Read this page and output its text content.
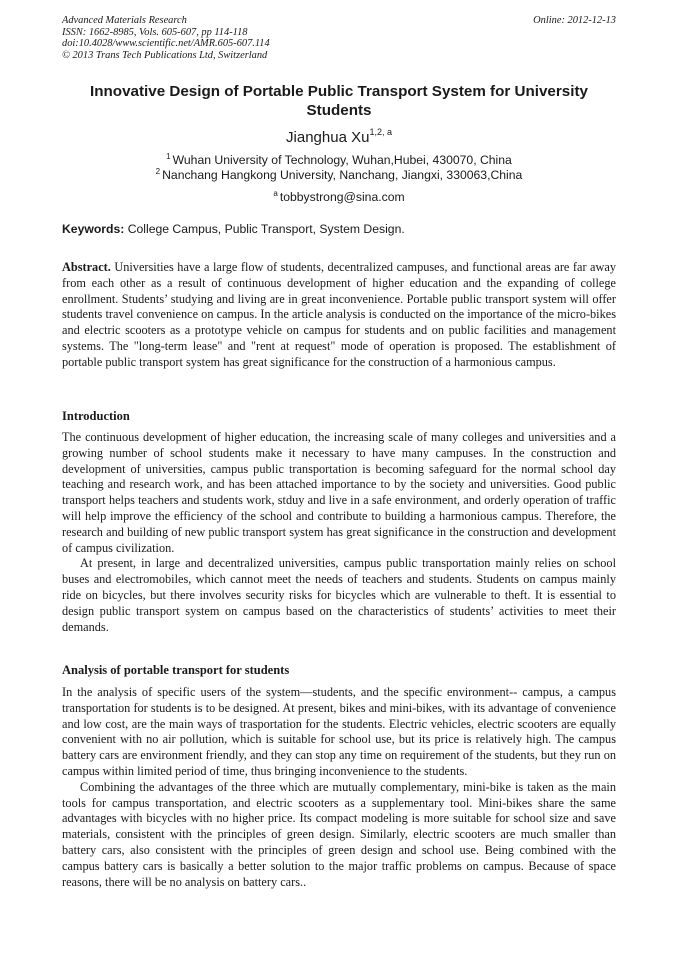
Advanced Materials Research
ISSN: 1662-8985, Vols. 605-607, pp 114-118
doi:10.4028/www.scientific.net/AMR.605-607.114
© 2013 Trans Tech Publications Ltd, Switzerland
Online: 2012-12-13
Innovative Design of Portable Public Transport System for University Students
Jianghua Xu$^{1,2, a}$
$^1$ Wuhan University of Technology, Wuhan,Hubei, 430070, China
$^2$ Nanchang Hangkong University, Nanchang, Jiangxi, 330063,China
$^a$ tobbystrong@sina.com
Keywords: College Campus, Public Transport, System Design.

Abstract. Universities have a large flow of students, decentralized campuses, and functional areas are far away from each other as a result of continuous development of higher education and the expanding of college enrollment. Students’ studying and living are in great inconvenience. Portable public transport system will offer students travel convenience on campus. In the article analysis is conducted on the importance of the micro-bikes and electric scooters as a prototype vehicle on campus for students and on public facilities and management systems. The "long-term lease" and "rent at request" mode of operation is proposed. The establishment of portable public transport system has great significance for the construction of a harmonious campus.

Introduction

The continuous development of higher education, the increasing scale of many colleges and universities and a growing number of school students make it necessary to have many campuses. In the construction and development of universities, campus public transportation is becoming safeguard for the normal school day teaching and research work, and has been attached importance to by the society and universities. Good public transport helps teachers and students work, stduy and live in a safe environment, and orderly operation of traffic will help improve the efficiency of the school and contribute to building a harmonious campus. Therefore, the research and building of new public transport system has great significance in the construction and development of campus civilization.

At present, in large and decentralized universities, campus public transportation mainly relies on school buses and electromobiles, which cannot meet the needs of teachers and students. Students on campus mainly ride on bicycles, but there involves security risks for bicycles which are vulnerable to theft. It is essential to design public transport system on campus based on the characteristics of students’ activities to meet their demands.

Analysis of portable transport for students

In the analysis of specific users of the system—students, and the specific environment-- campus, a campus transportation for students is to be designed. At present, bikes and mini-bikes, with its advantage of convenience and low cost, are the main ways of trasportation for the students. Electric vehicles, electric scooters are equally convenient with no air pollution, which is suitable for school use, but its price is relatively high. The campus battery cars are environment friendly, and they can stop any time on requirement of the students, but they run on campus within limited period of time, thus bringing inconvenience to the students.

Combining the advantages of the three which are mutually complementary, mini-bike is taken as the main tools for campus transportation, and electric scooters as a supplementary tool. Mini-bikes share the same advantages with bicycles with no higher price. Its compact modeling is more suitable for school size and save materials, consistent with the principles of green design. Similarly, electric scooters are much smaller than battery cars, also consistent with the principles of green design and school use. Being combined with the campus battery cars is basically a better solution to the major traffic problems on campus. Because of space reasons, there will be no analysis on battery cars..
